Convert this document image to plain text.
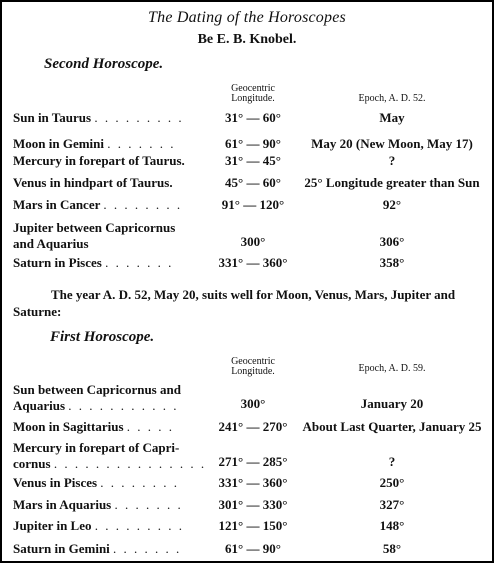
The Dating of the Horoscopes
Be E. B. Knobel.
Second Horoscope.
Geocentric
Longitude.	Epoch, A. D. 52.
Sun in Taurus . . . . . . . . .	31° — 60°	May
Moon in Gemini . . . . . . .	61° — 90°	May 20 (New Moon, May 17)
Mercury in forepart of Taurus.	31° — 45°	?
Venus in hindpart of Taurus.	45° — 60°	25° Longitude greater than Sun
Mars in Cancer . . . . . . . .	91° — 120°	92°
Jupiter between Capricornus
and Aquarius	300°	306°
Saturn in Pisces . . . . . . .	331° — 360°	358°
The year A. D. 52, May 20, suits well for Moon, Venus, Mars, Jupiter and Saturne:
First Horoscope.
Geocentric
Longitude.	Epoch, A. D. 59.
Sun between Capricornus and
Aquarius . . . . . . . . . . .	300°	January 20
Moon in Sagittarius . . . . .	241° — 270°	About Last Quarter, January 25
Mercury in forepart of Capri-
cornus . . . . . . . . . . . . . . . 271° — 285°	?
Venus in Pisces . . . . . . . .	331° — 360°	250°
Mars in Aquarius . . . . . . .	301° — 330°	327°
Jupiter in Leo . . . . . . . . .	121° — 150°	148°
Saturn in Gemini . . . . . . .	61° — 90°	58°
